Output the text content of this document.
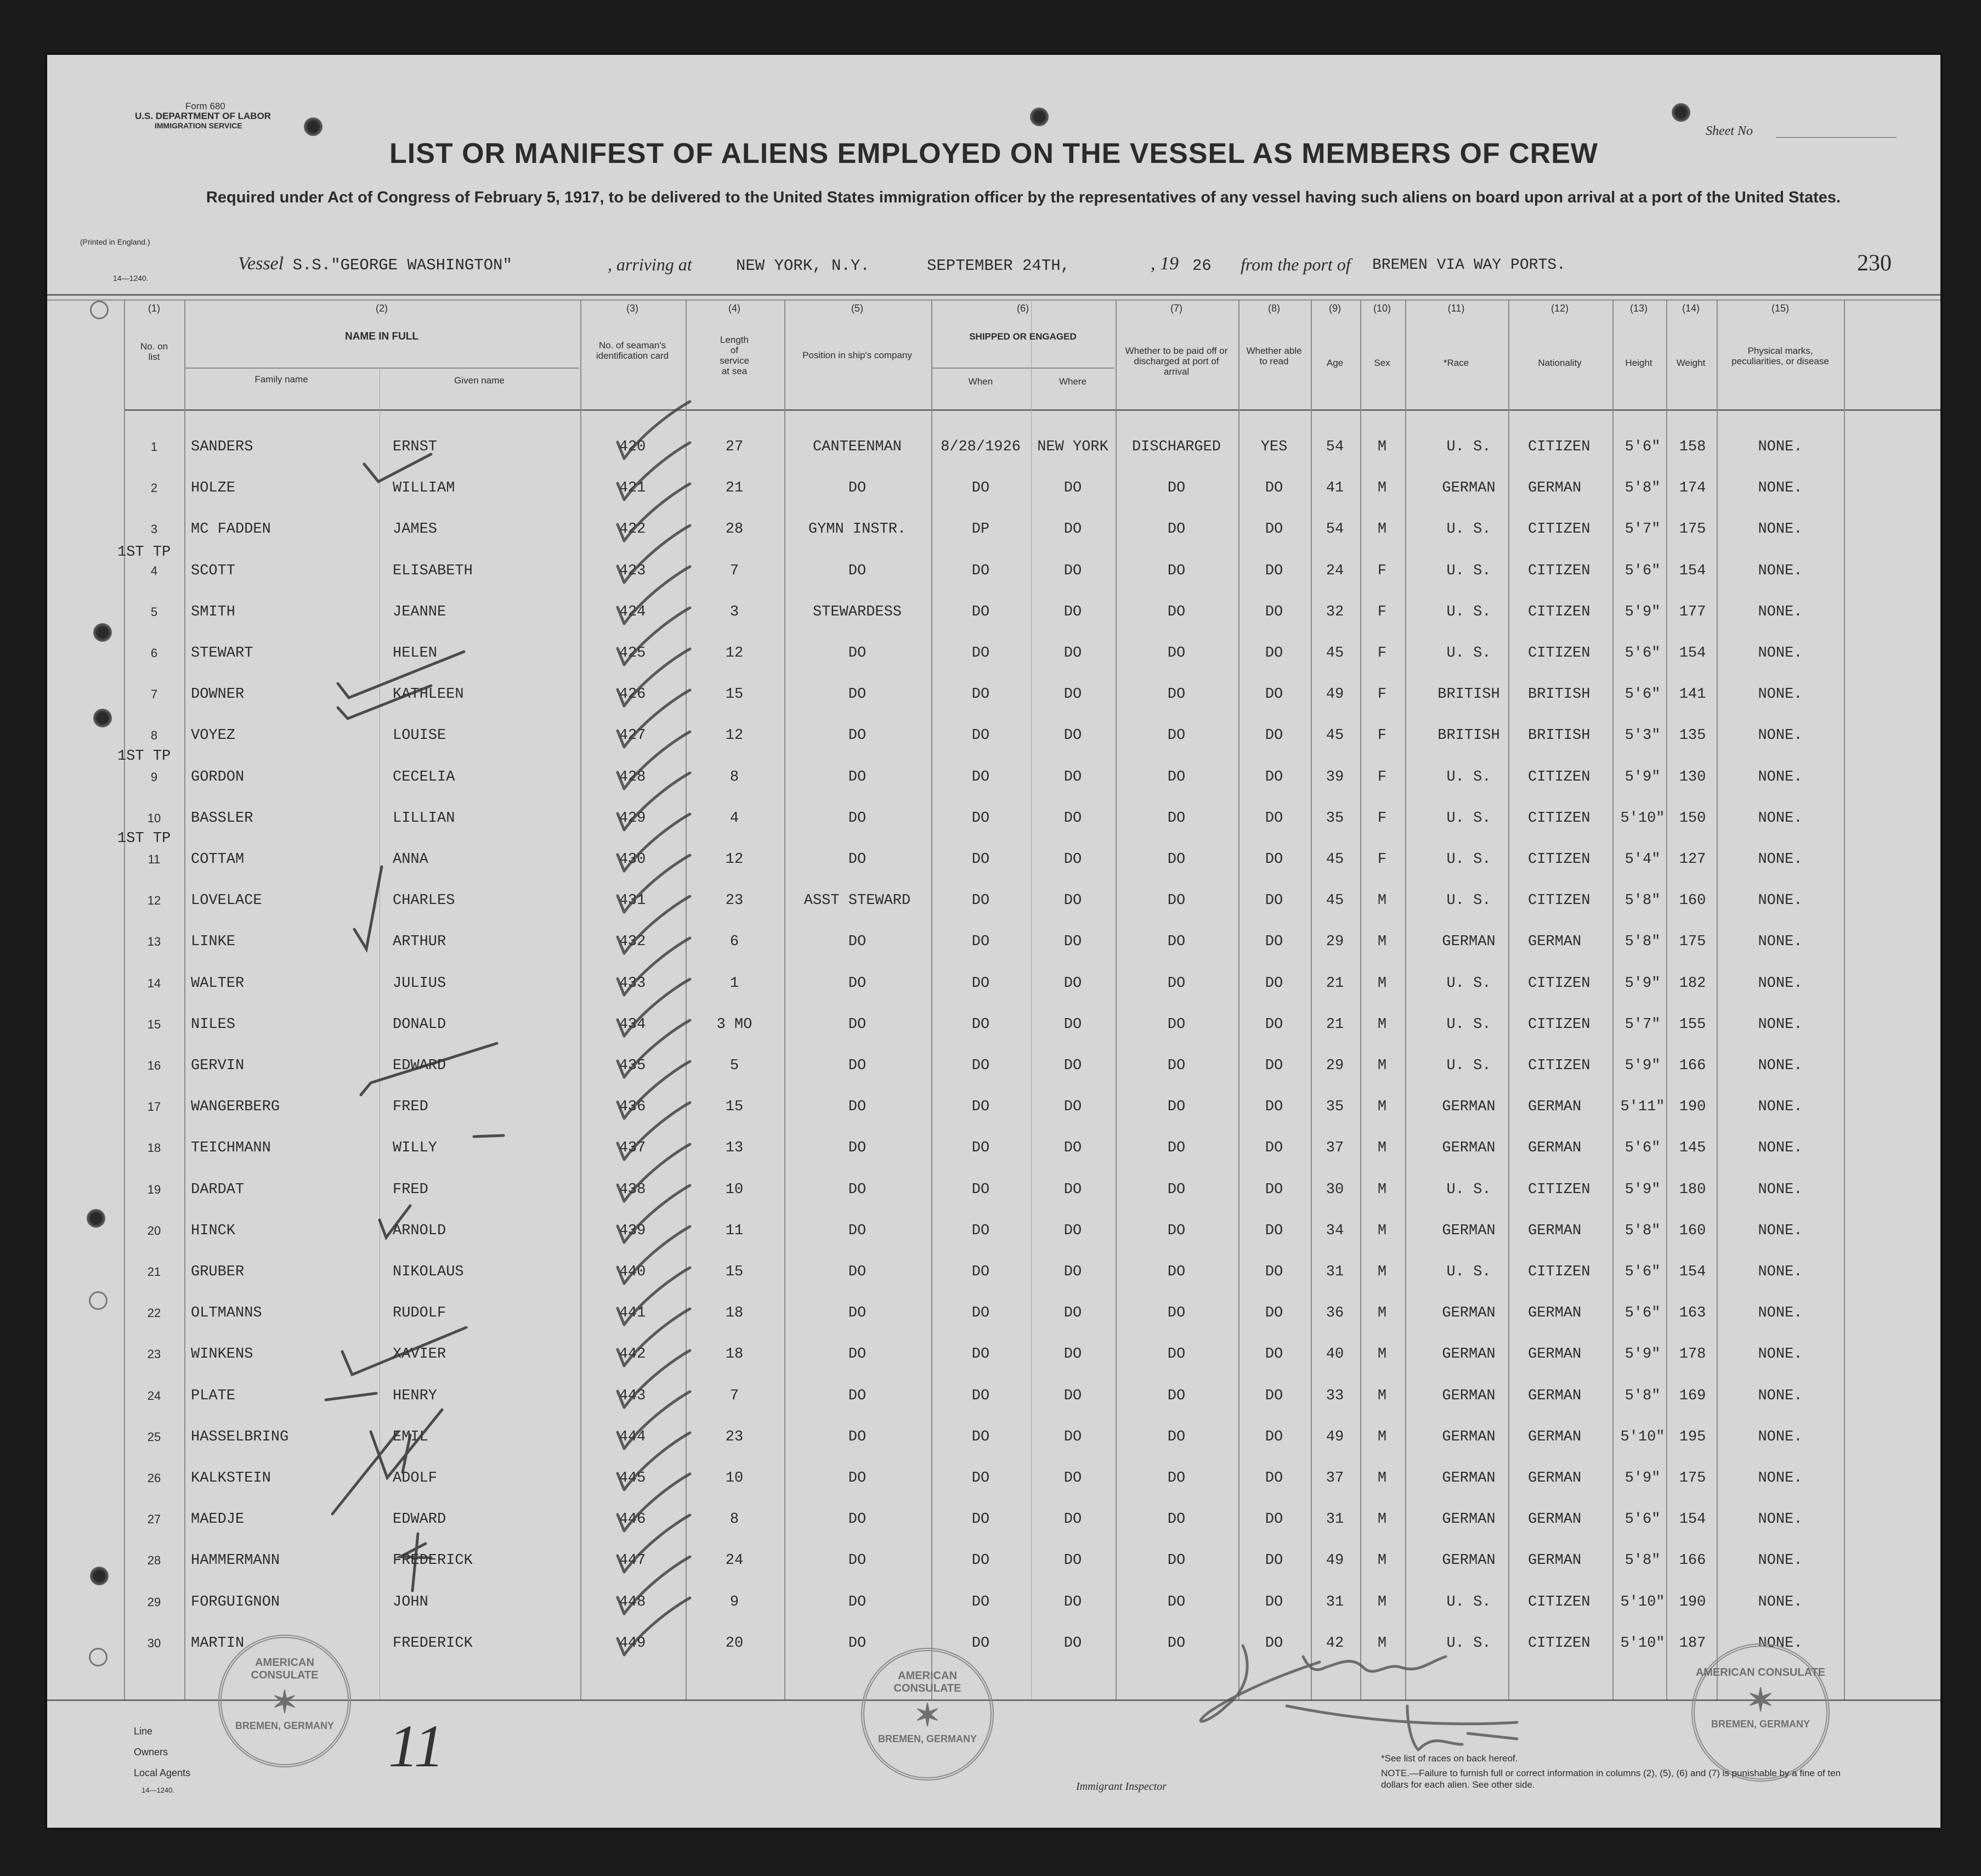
Form 680
U.S. DEPARTMENT OF LABOR
IMMIGRATION SERVICE
(Printed in England.)
14—1240.
Sheet No
230
LIST OR MANIFEST OF ALIENS EMPLOYED ON THE VESSEL AS MEMBERS OF CREW
Required under Act of Congress of February 5, 1917, to be delivered to the United States immigration officer by the representatives of any vessel having such aliens on board upon arrival at a port of the United States.
Vessel S.S."GEORGE WASHINGTON"	, arriving at	NEW YORK, N.Y.	SEPTEMBER 24TH,	, 19 26 from the port of BREMEN VIA WAY PORTS.
(1)
No. on list
(2)
NAME IN FULL
Family name	Given name
(3)
No. of seaman's identification card
(4)
Length of service at sea
(5)
Position in ship's company
(6)
SHIPPED OR ENGAGED
When	Where
(7)
Whether to be paid off or discharged at port of arrival
(8)
Whether able to read
(9)
Age
(10)
Sex
(11)
*Race
(12)
Nationality
(13)
Height
(14)
Weight
(15)
Physical marks, peculiarities, or disease
1	SANDERS	ERNST	420	27	CANTEENMAN	8/28/1926	NEW YORK	DISCHARGED	YES	54	M	U. S.	CITIZEN	5'6"	158	NONE.
2	HOLZE	WILLIAM	421	21	DO	DO	DO	DO	DO	41	M	GERMAN	GERMAN	5'8"	174	NONE.
3	MC FADDEN	JAMES	422	28	GYMN INSTR.	DP	DO	DO	DO	54	M	U. S.	CITIZEN	5'7"	175	NONE.
4	SCOTT	ELISABETH	423	7	DO	DO	DO	DO	DO	24	F	U. S.	CITIZEN	5'6"	154	NONE.
5	SMITH	JEANNE	424	3	STEWARDESS	DO	DO	DO	DO	32	F	U. S.	CITIZEN	5'9"	177	NONE.
6	STEWART	HELEN	425	12	DO	DO	DO	DO	DO	45	F	U. S.	CITIZEN	5'6"	154	NONE.
7	DOWNER	KATHLEEN	426	15	DO	DO	DO	DO	DO	49	F	BRITISH	BRITISH	5'6"	141	NONE.
8	VOYEZ	LOUISE	427	12	DO	DO	DO	DO	DO	45	F	BRITISH	BRITISH	5'3"	135	NONE.
9	GORDON	CECELIA	428	8	DO	DO	DO	DO	DO	39	F	U. S.	CITIZEN	5'9"	130	NONE.
10	BASSLER	LILLIAN	429	4	DO	DO	DO	DO	DO	35	F	U. S.	CITIZEN	5'10" 150	NONE.
11	COTTAM	ANNA	430	12	DO	DO	DO	DO	DO	45	F	U. S.	CITIZEN	5'4"	127	NONE.
12	LOVELACE	CHARLES	431	23	ASST STEWARD	DO	DO	DO	DO	45	M	U. S.	CITIZEN	5'8"	160	NONE.
13	LINKE	ARTHUR	432	6	DO	DO	DO	DO	DO	29	M	GERMAN	GERMAN	5'8"	175	NONE.
14	WALTER	JULIUS	433	1	DO	DO	DO	DO	DO	21	M	U. S.	CITIZEN	5'9"	182	NONE.
15	NILES	DONALD	434	3 MO	DO	DO	DO	DO	DO	21	M	U. S.	CITIZEN	5'7"	155	NONE.
16	GERVIN	EDWARD	435	5	DO	DO	DO	DO	DO	29	M	U. S.	CITIZEN	5'9"	166	NONE.
17	WANGERBERG	FRED	436	15	DO	DO	DO	DO	DO	35	M	GERMAN	GERMAN	5'11" 190	NONE.
18	TEICHMANN	WILLY	437	13	DO	DO	DO	DO	DO	37	M	GERMAN	GERMAN	5'6"	145	NONE.
19	DARDAT	FRED	438	10	DO	DO	DO	DO	DO	30	M	U. S.	CITIZEN	5'9"	180	NONE.
20	HINCK	ARNOLD	439	11	DO	DO	DO	DO	DO	34	M	GERMAN	GERMAN	5'8"	160	NONE.
21	GRUBER	NIKOLAUS	440	15	DO	DO	DO	DO	DO	31	M	U. S.	CITIZEN	5'6"	154	NONE.
22	OLTMANNS	RUDOLF	441	18	DO	DO	DO	DO	DO	36	M	GERMAN	GERMAN	5'6"	163	NONE.
23	WINKENS	XAVIER	442	18	DO	DO	DO	DO	DO	40	M	GERMAN	GERMAN	5'9"	178	NONE.
24	PLATE	HENRY	443	7	DO	DO	DO	DO	DO	33	M	GERMAN	GERMAN	5'8"	169	NONE.
25	HASSELBRING	EMIL	444	23	DO	DO	DO	DO	DO	49	M	GERMAN	GERMAN	5'10" 195	NONE.
26	KALKSTEIN	ADOLF	445	10	DO	DO	DO	DO	DO	37	M	GERMAN	GERMAN	5'9"	175	NONE.
27	MAEDJE	EDWARD	446	8	DO	DO	DO	DO	DO	31	M	GERMAN	GERMAN	5'6"	154	NONE.
28	HAMMERMANN	FREDERICK	447	24	DO	DO	DO	DO	DO	49	M	GERMAN	GERMAN	5'8"	166	NONE.
29	FORGUIGNON	JOHN	448	9	DO	DO	DO	DO	DO	31	M	U. S.	CITIZEN	5'10" 190	NONE.
30	MARTIN	FREDERICK	449	20	DO	DO	DO	DO	DO	42	M	U. S.	CITIZEN	5'10" 187	NONE.
1ST TP
1ST TP
1ST TP
AMERICAN CONSULATE
✶
BREMEN, GERMANY
AMERICAN CONSULATE
✶
BREMEN, GERMANY
AMERICAN CONSULATE
✶
BREMEN, GERMANY
Line
Owners
Local Agents
14—1240.
11
Immigrant Inspector
*See list of races on back hereof.
NOTE.—Failure to furnish full or correct information in columns (2), (5), (6) and (7) is punishable by a fine of ten dollars for each alien. See other side.
